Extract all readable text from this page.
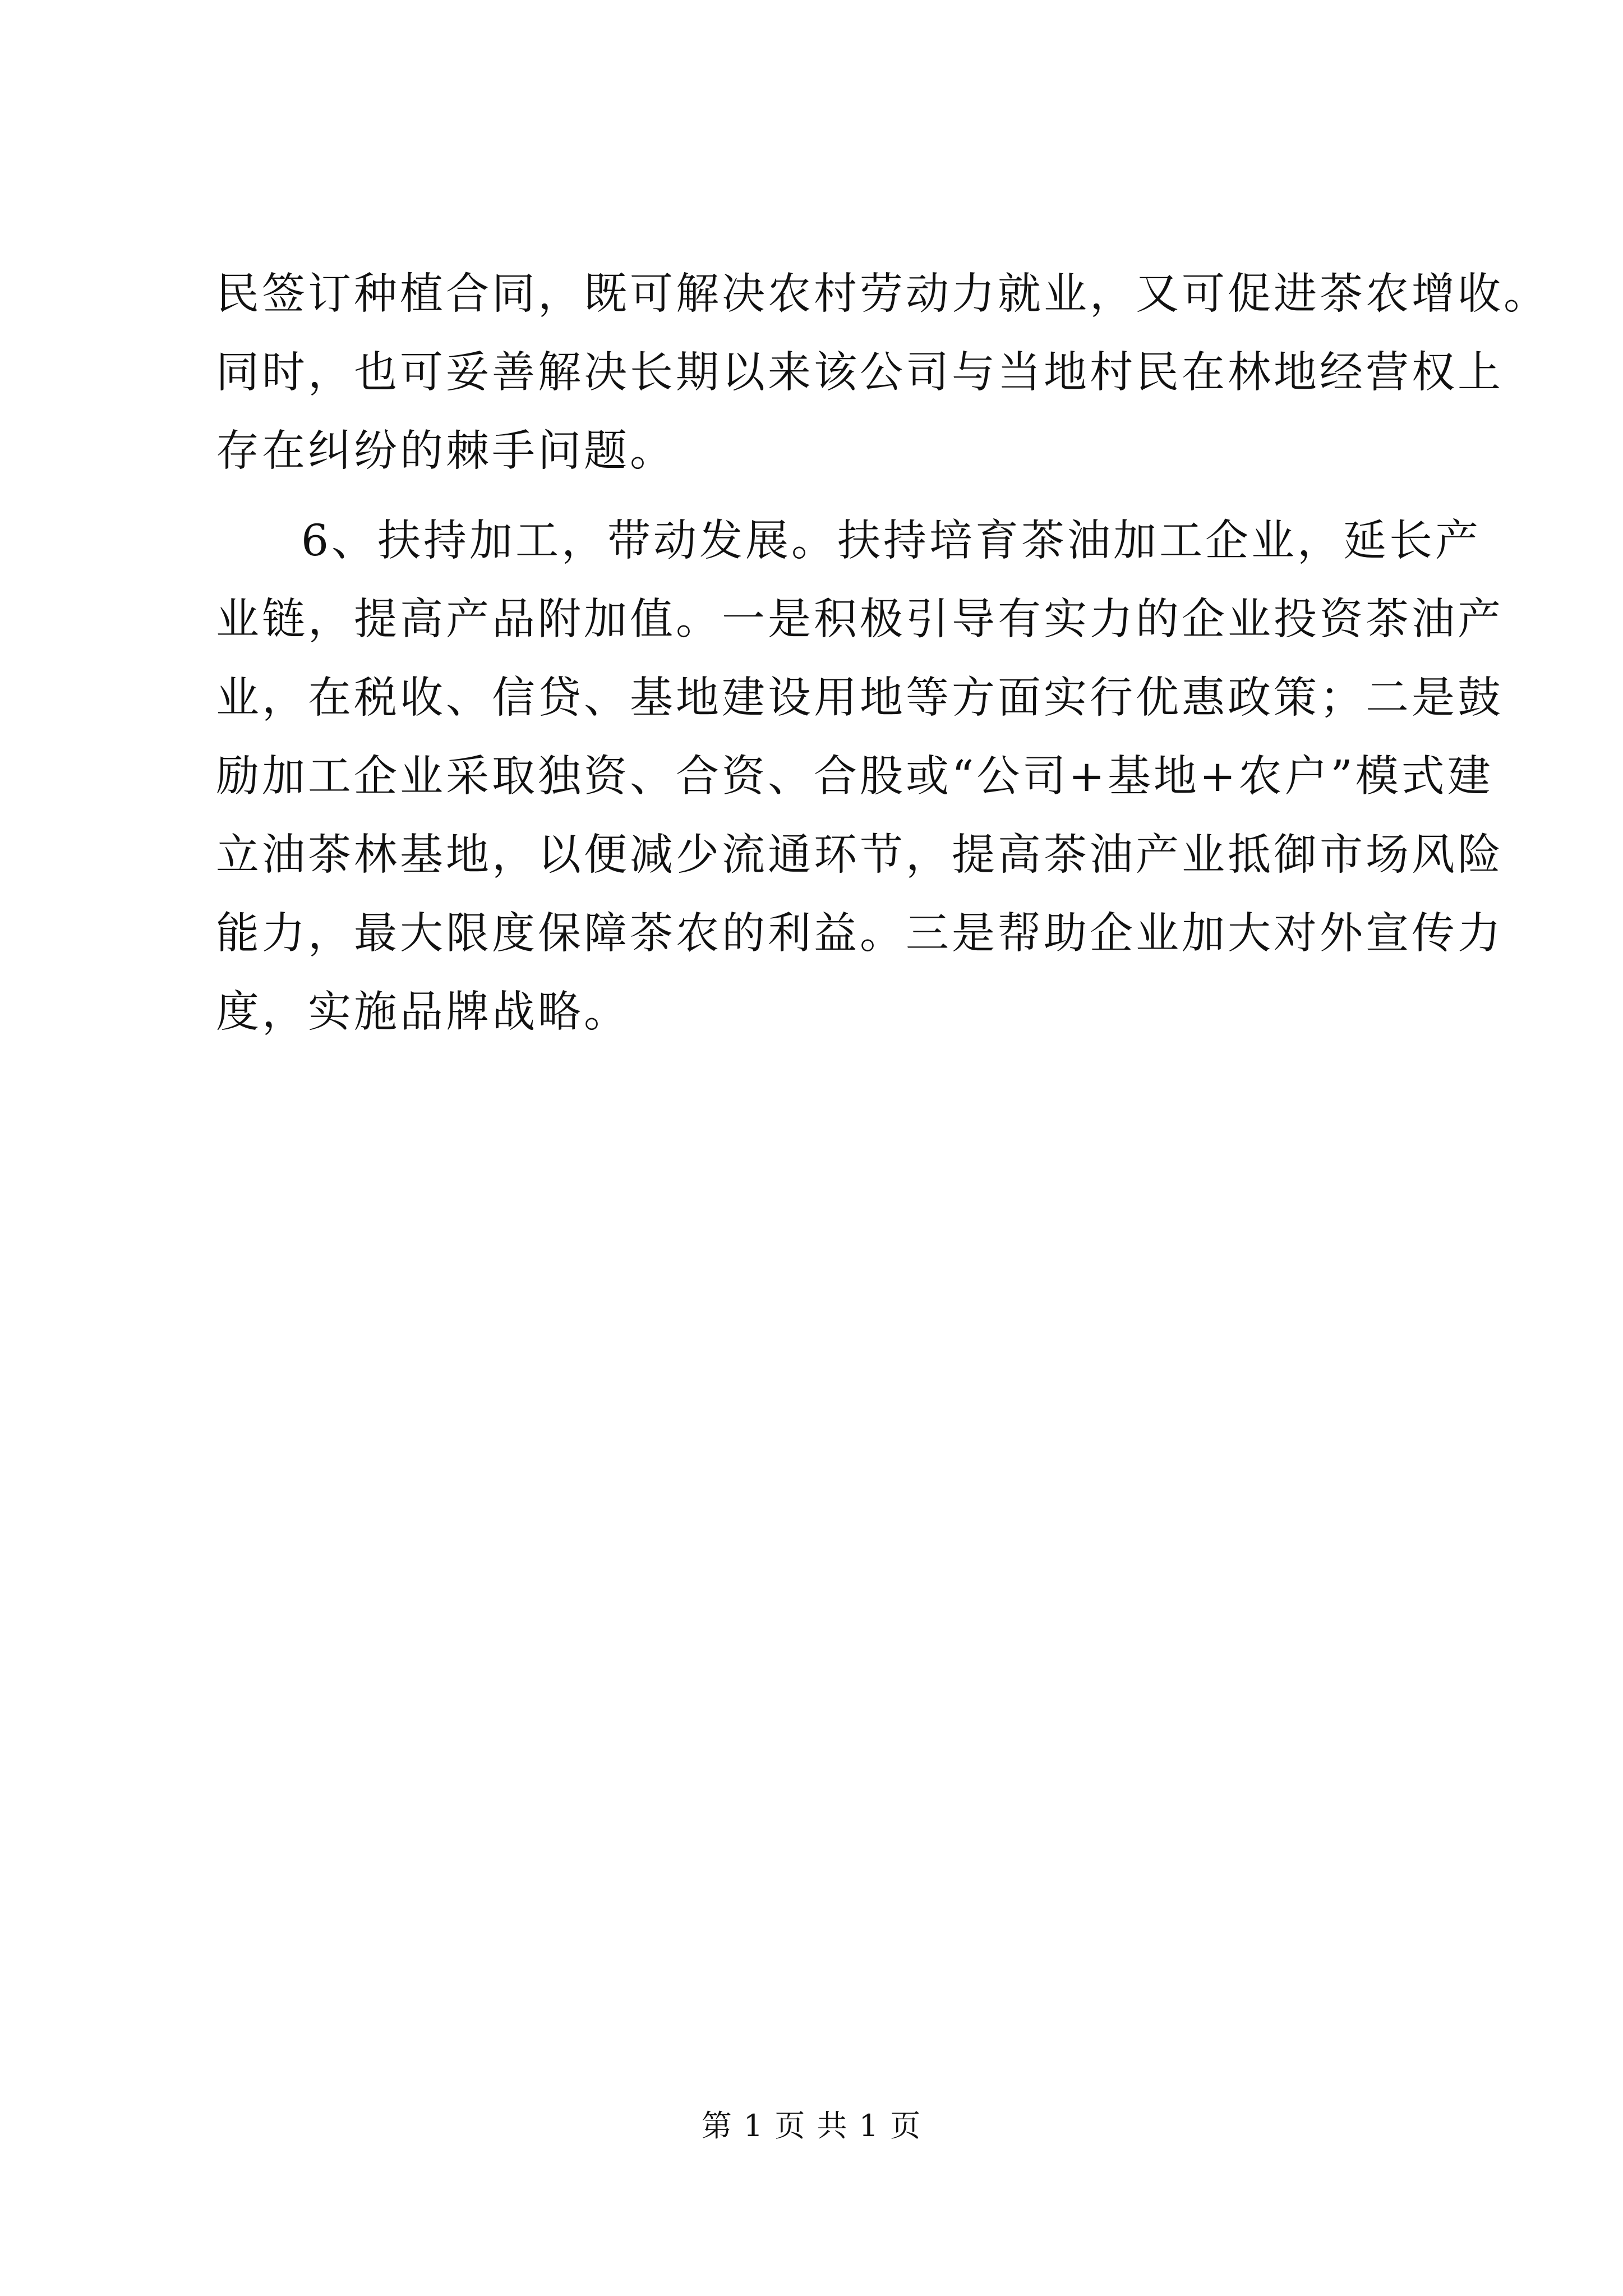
民签订种植合同，既可解决农村劳动力就业，又可促进茶农增收。
同时，也可妥善解决长期以来该公司与当地村民在林地经营权上
存在纠纷的棘手问题。
6、扶持加工，带动发展。扶持培育茶油加工企业，延长产
业链，提高产品附加值。一是积极引导有实力的企业投资茶油产
业，在税收、信贷、基地建设用地等方面实行优惠政策；二是鼓
励加工企业采取独资、合资、合股或“公司+基地+农户”模式建
立油茶林基地，以便减少流通环节，提高茶油产业抵御市场风险
能力，最大限度保障茶农的利益。三是帮助企业加大对外宣传力
度，实施品牌战略。
第 1 页 共 1 页
